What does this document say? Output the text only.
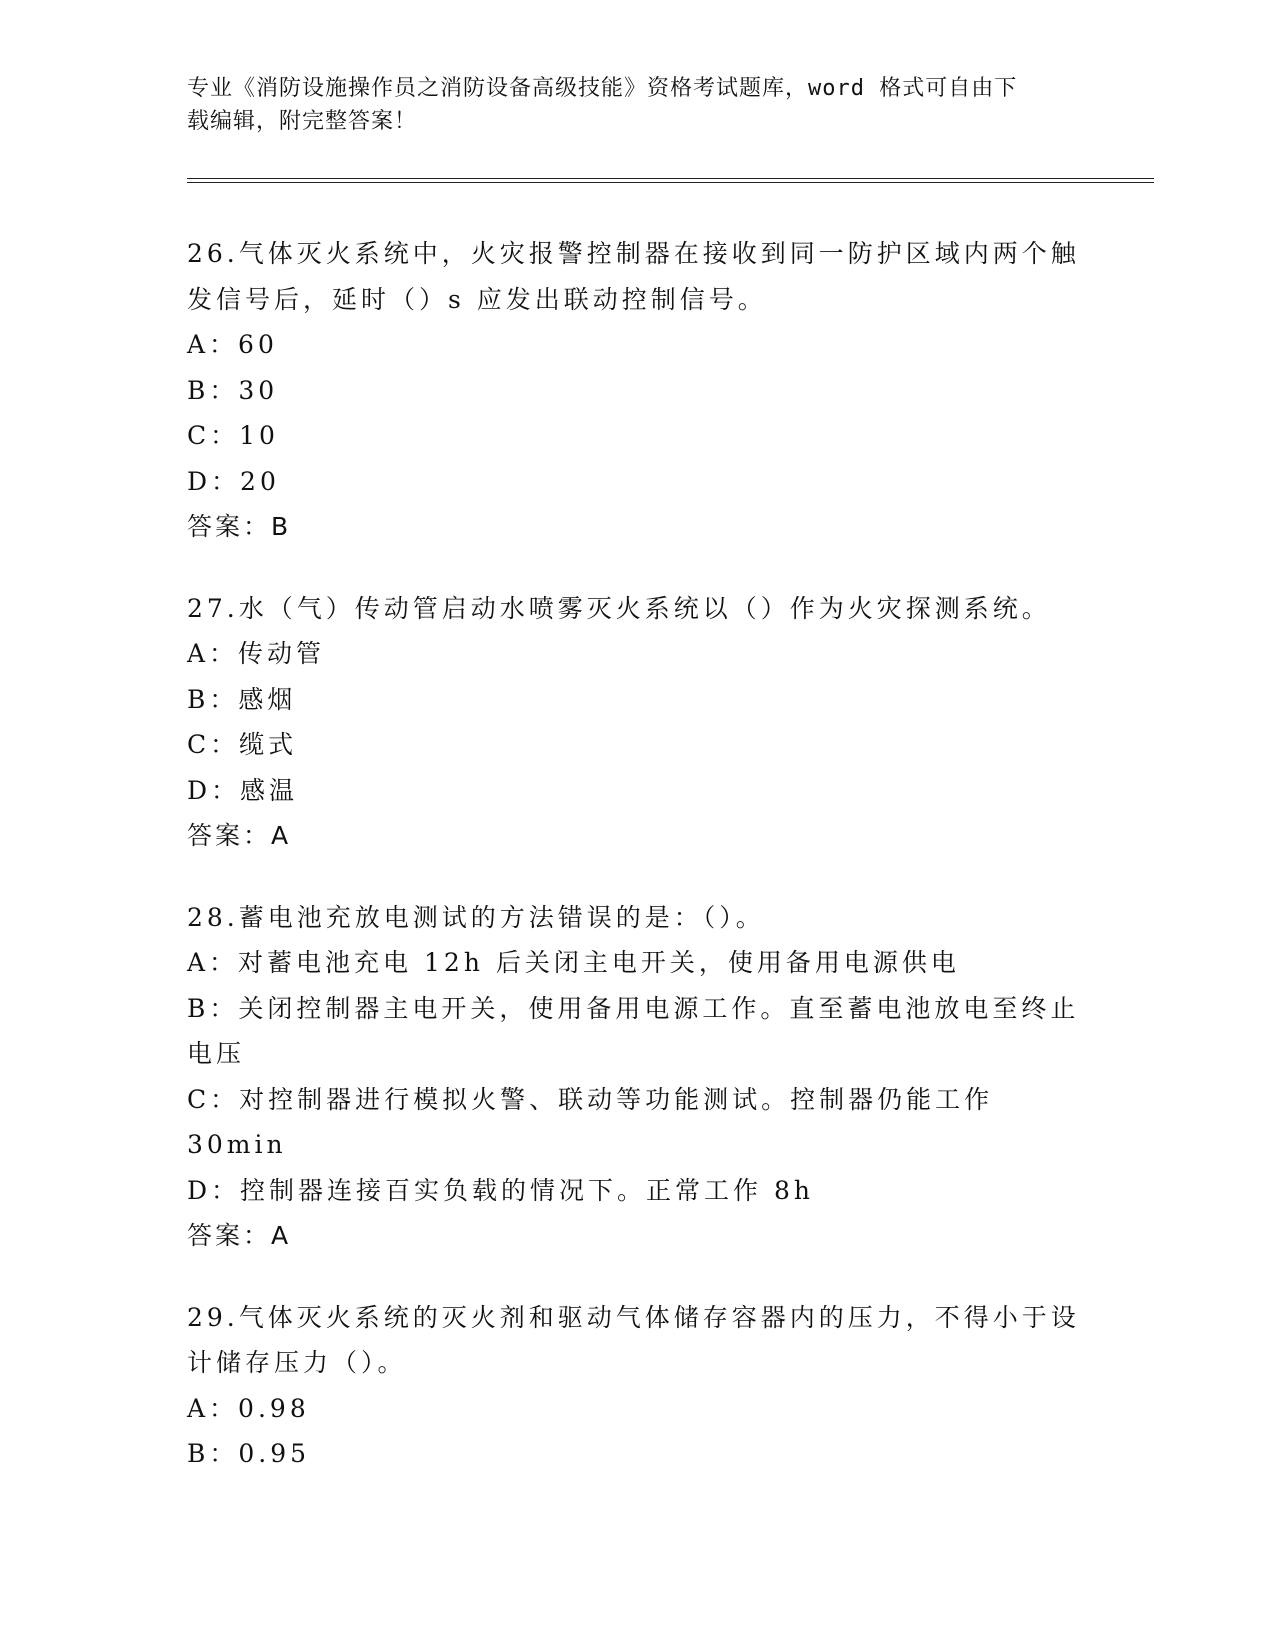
专业《消防设施操作员之消防设备高级技能》资格考试题库，word 格式可自由下
载编辑，附完整答案！

26.气体灭火系统中，火灾报警控制器在接收到同一防护区域内两个触发信号后，延时（）s 应发出联动控制信号。

A：60

B：30

C：10

D：20

答案：B

27.水（气）传动管启动水喷雾灭火系统以（）作为火灾探测系统。

A：传动管

B：感烟

C：缆式

D：感温

答案：A

28.蓄电池充放电测试的方法错误的是：（）。

A：对蓄电池充电 12h 后关闭主电开关，使用备用电源供电

B：关闭控制器主电开关，使用备用电源工作。直至蓄电池放电至终止电压

C：对控制器进行模拟火警、联动等功能测试。控制器仍能工作 30min

D：控制器连接百实负载的情况下。正常工作 8h

答案：A

29.气体灭火系统的灭火剂和驱动气体储存容器内的压力，不得小于设计储存压力（）。

A：0.98

B：0.95
